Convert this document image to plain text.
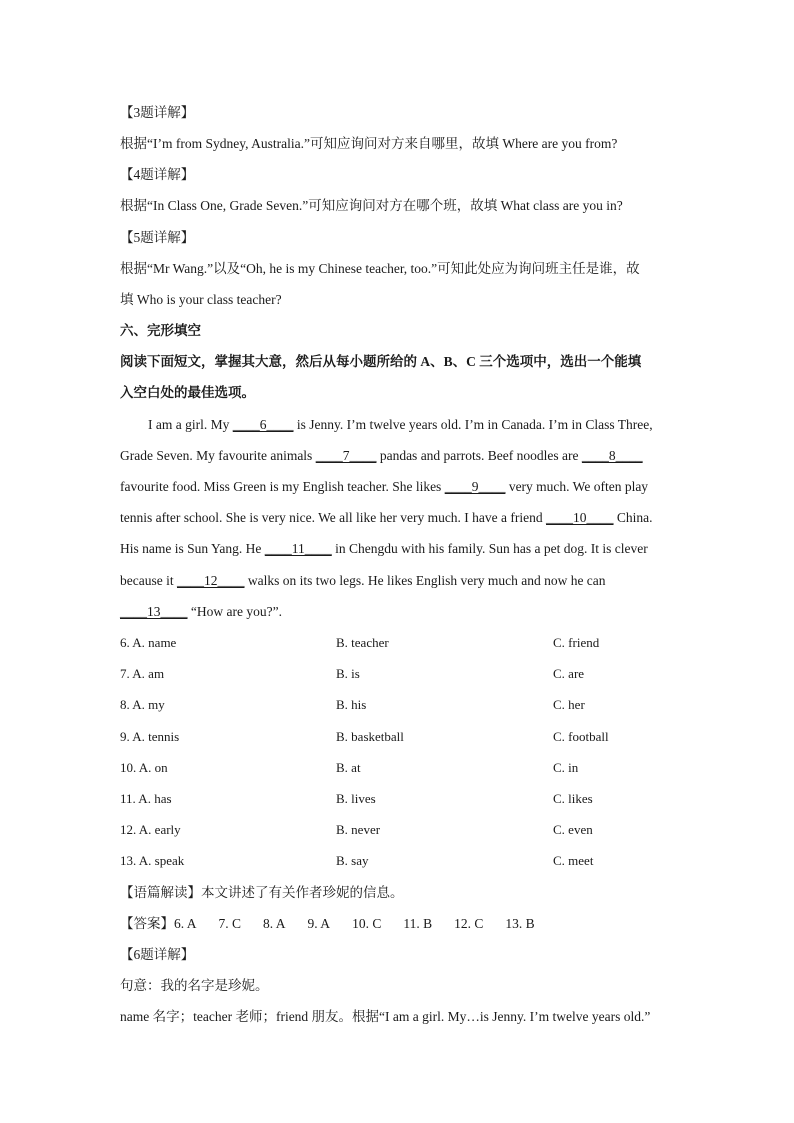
【3题详解】
根据“I’m from Sydney, Australia.”可知应询问对方来自哪里，故填 Where are you from?
【4题详解】
根据“In Class One, Grade Seven.”可知应询问对方在哪个班，故填 What class are you in?
【5题详解】
根据“Mr Wang.”以及“Oh, he is my Chinese teacher, too.”可知此处应为询问班主任是谁，故
填 Who is your class teacher?
六、完形填空
阅读下面短文，掌握其大意，然后从每小题所给的 A、B、C 三个选项中，选出一个能填
入空白处的最佳选项。
I am a girl. My ____6____ is Jenny. I’m twelve years old. I’m in Canada. I’m in Class Three,
Grade Seven. My favourite animals ____7____ pandas and parrots. Beef noodles are ____8____
favourite food. Miss Green is my English teacher. She likes ____9____ very much. We often play
tennis after school. She is very nice. We all like her very much. I have a friend ____10____ China.
His name is Sun Yang. He ____11____ in Chengdu with his family. Sun has a pet dog. It is clever
because it ____12____ walks on its two legs. He likes English very much and now he can
____13____ “How are you?”.
6. A. name	B. teacher	C. friend
7. A. am	B. is	C. are
8. A. my	B. his	C. her
9. A. tennis	B. basketball	C. football
10. A. on	B. at	C. in
11. A. has	B. lives	C. likes
12. A. early	B. never	C. even
13. A. speak	B. say	C. meet
【语篇解读】本文讲述了有关作者珍妮的信息。
【答案】6. A 7. C 8. A 9. A 10. C 11. B 12. C 13. B
【6题详解】
句意：我的名字是珍妮。
name 名字；teacher 老师；friend 朋友。根据“I am a girl. My…is Jenny. I’m twelve years old.”
